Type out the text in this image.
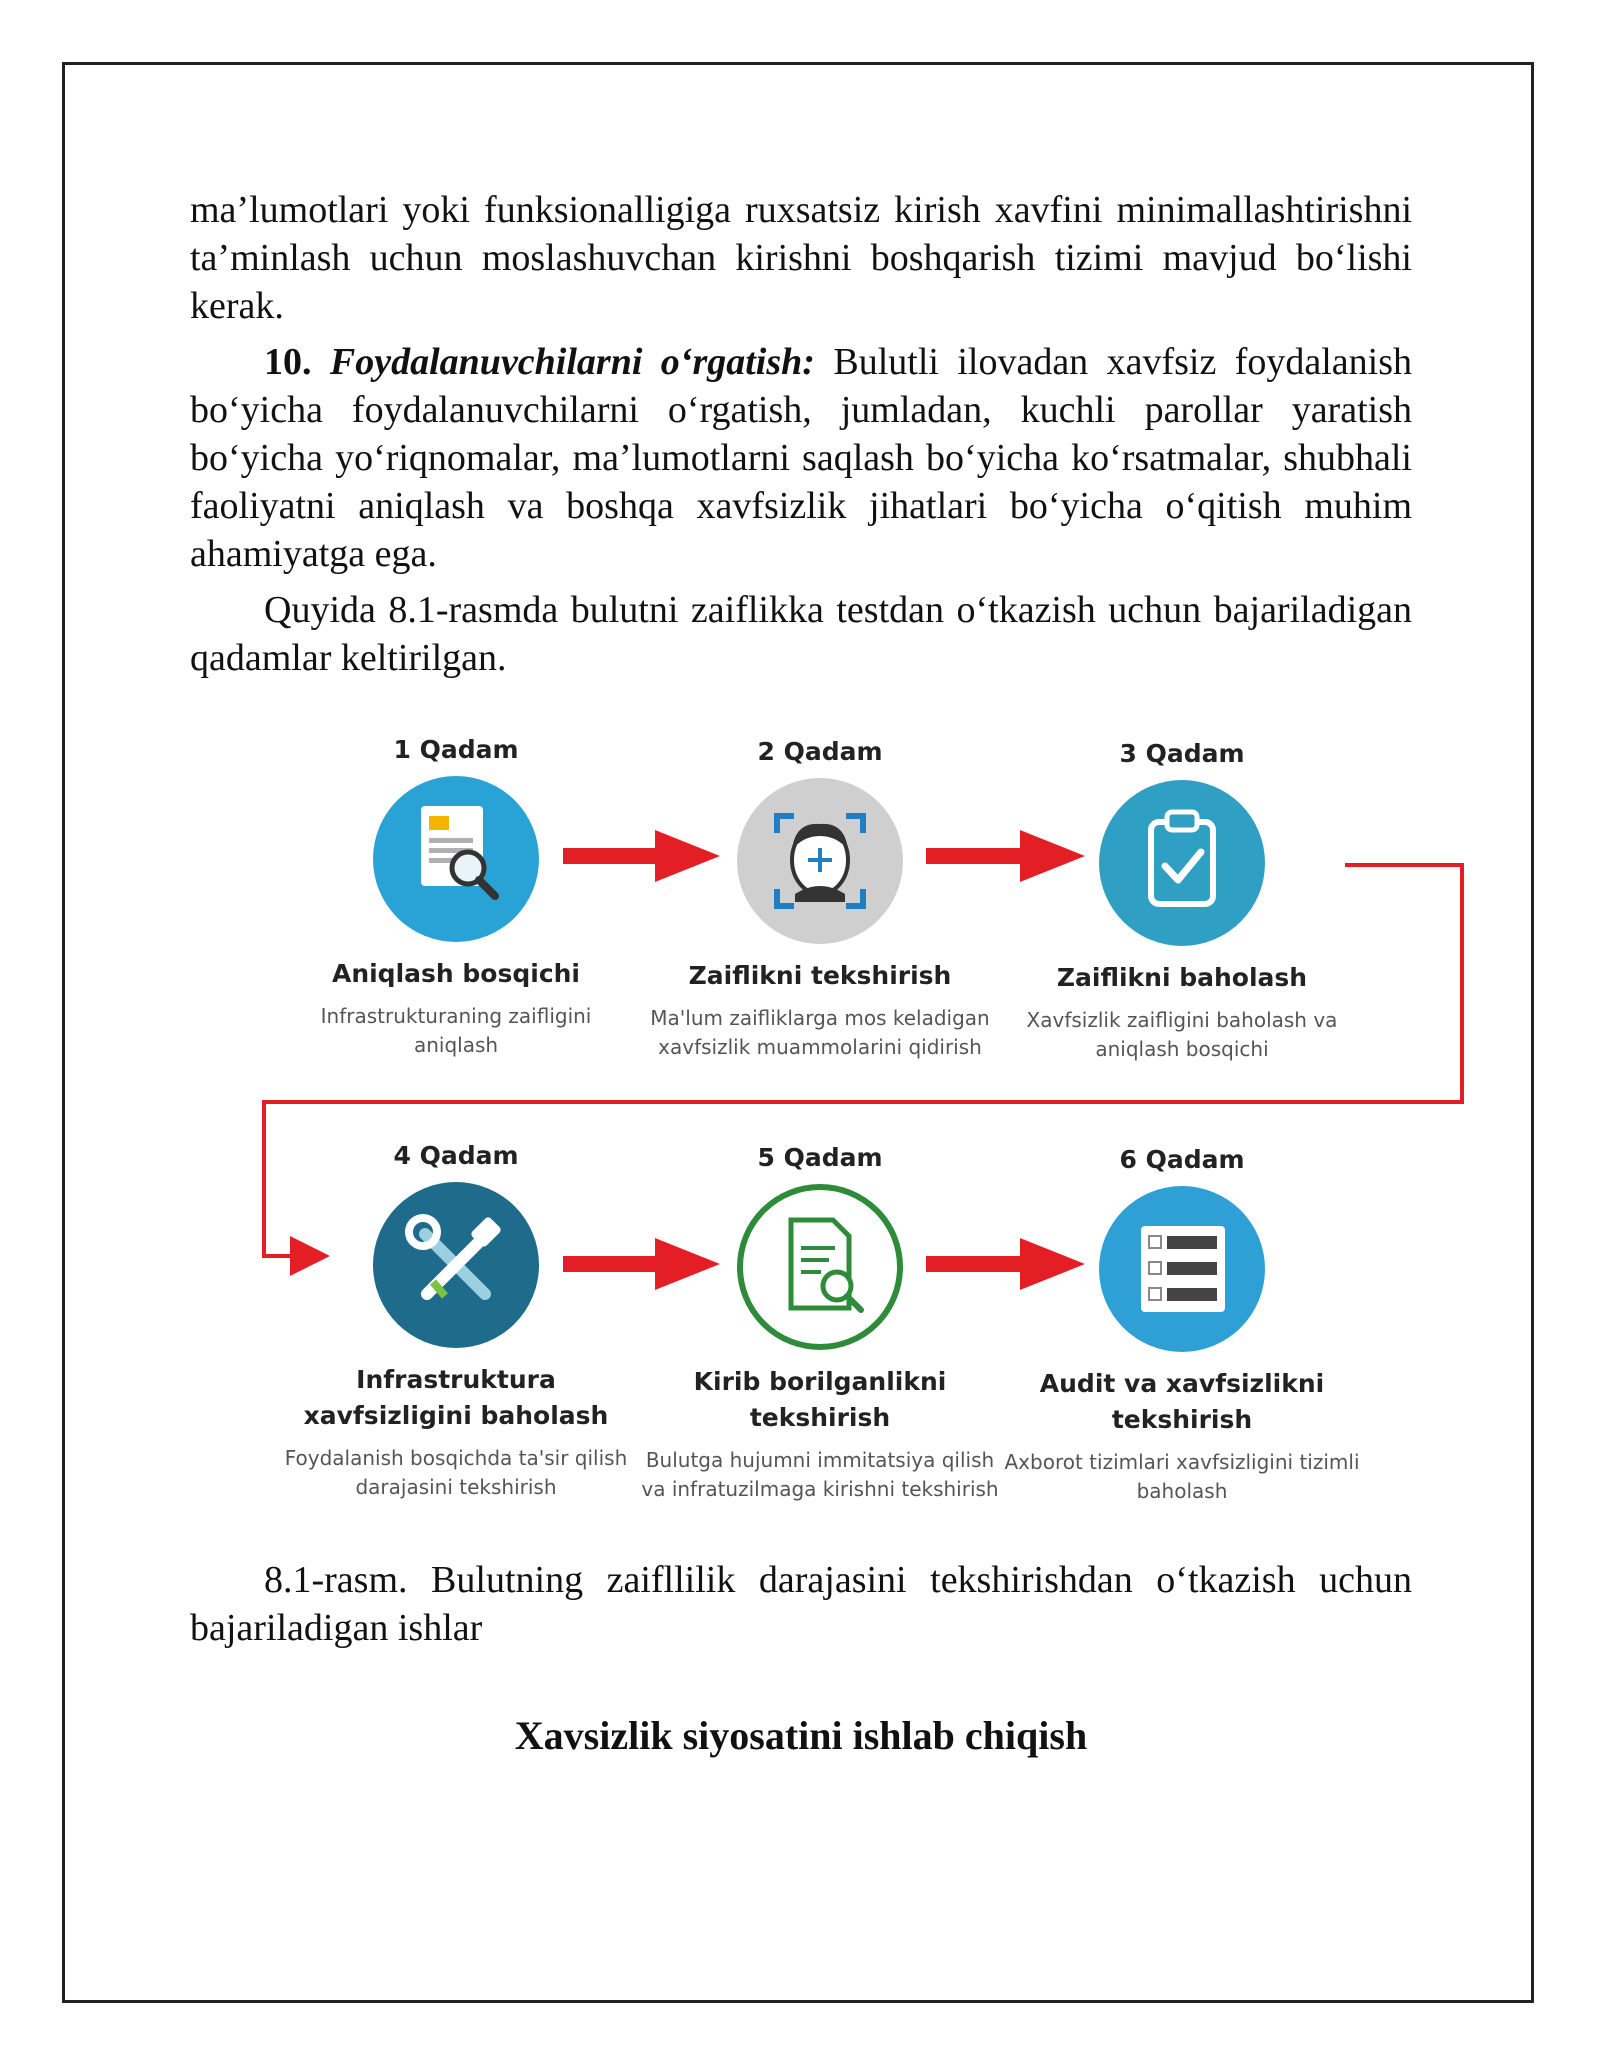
ma’lumotlari yoki funksionalligiga ruxsatsiz kirish xavfini minimallashtirishni ta’minlash uchun moslashuvchan kirishni boshqarish tizimi mavjud bo‘lishi kerak.

10. Foydalanuvchilarni o‘rgatish: Bulutli ilovadan xavfsiz foydalanish bo‘yicha foydalanuvchilarni o‘rgatish, jumladan, kuchli parollar yaratish bo‘yicha yo‘riqnomalar, ma’lumotlarni saqlash bo‘yicha ko‘rsatmalar, shubhali faoliyatni aniqlash va boshqa xavfsizlik jihatlari bo‘yicha o‘qitish muhim ahamiyatga ega.

Quyida 8.1-rasmda bulutni zaiflikka testdan o‘tkazish uchun bajariladigan qadamlar keltirilgan.

1 Qadam
Aniqlash bosqichi
Infrastrukturaning zaifligini aniqlash
2 Qadam
Zaiflikni tekshirish
Ma'lum zaifliklarga mos keladigan xavfsizlik muammolarini qidirish
3 Qadam
Zaiflikni baholash
Xavfsizlik zaifligini baholash va aniqlash bosqichi
4 Qadam
Infrastruktura xavfsizligini baholash
Foydalanish bosqichda ta'sir qilish darajasini tekshirish
5 Qadam
Kirib borilganlikni tekshirish
Bulutga hujumni immitatsiya qilish va infratuzilmaga kirishni tekshirish
6 Qadam
Audit va xavfsizlikni tekshirish
Axborot tizimlari xavfsizligini tizimli baholash

8.1-rasm. Bulutning zaifllilik darajasini tekshirishdan o‘tkazish uchun bajariladigan ishlar

Xavsizlik siyosatini ishlab chiqish
